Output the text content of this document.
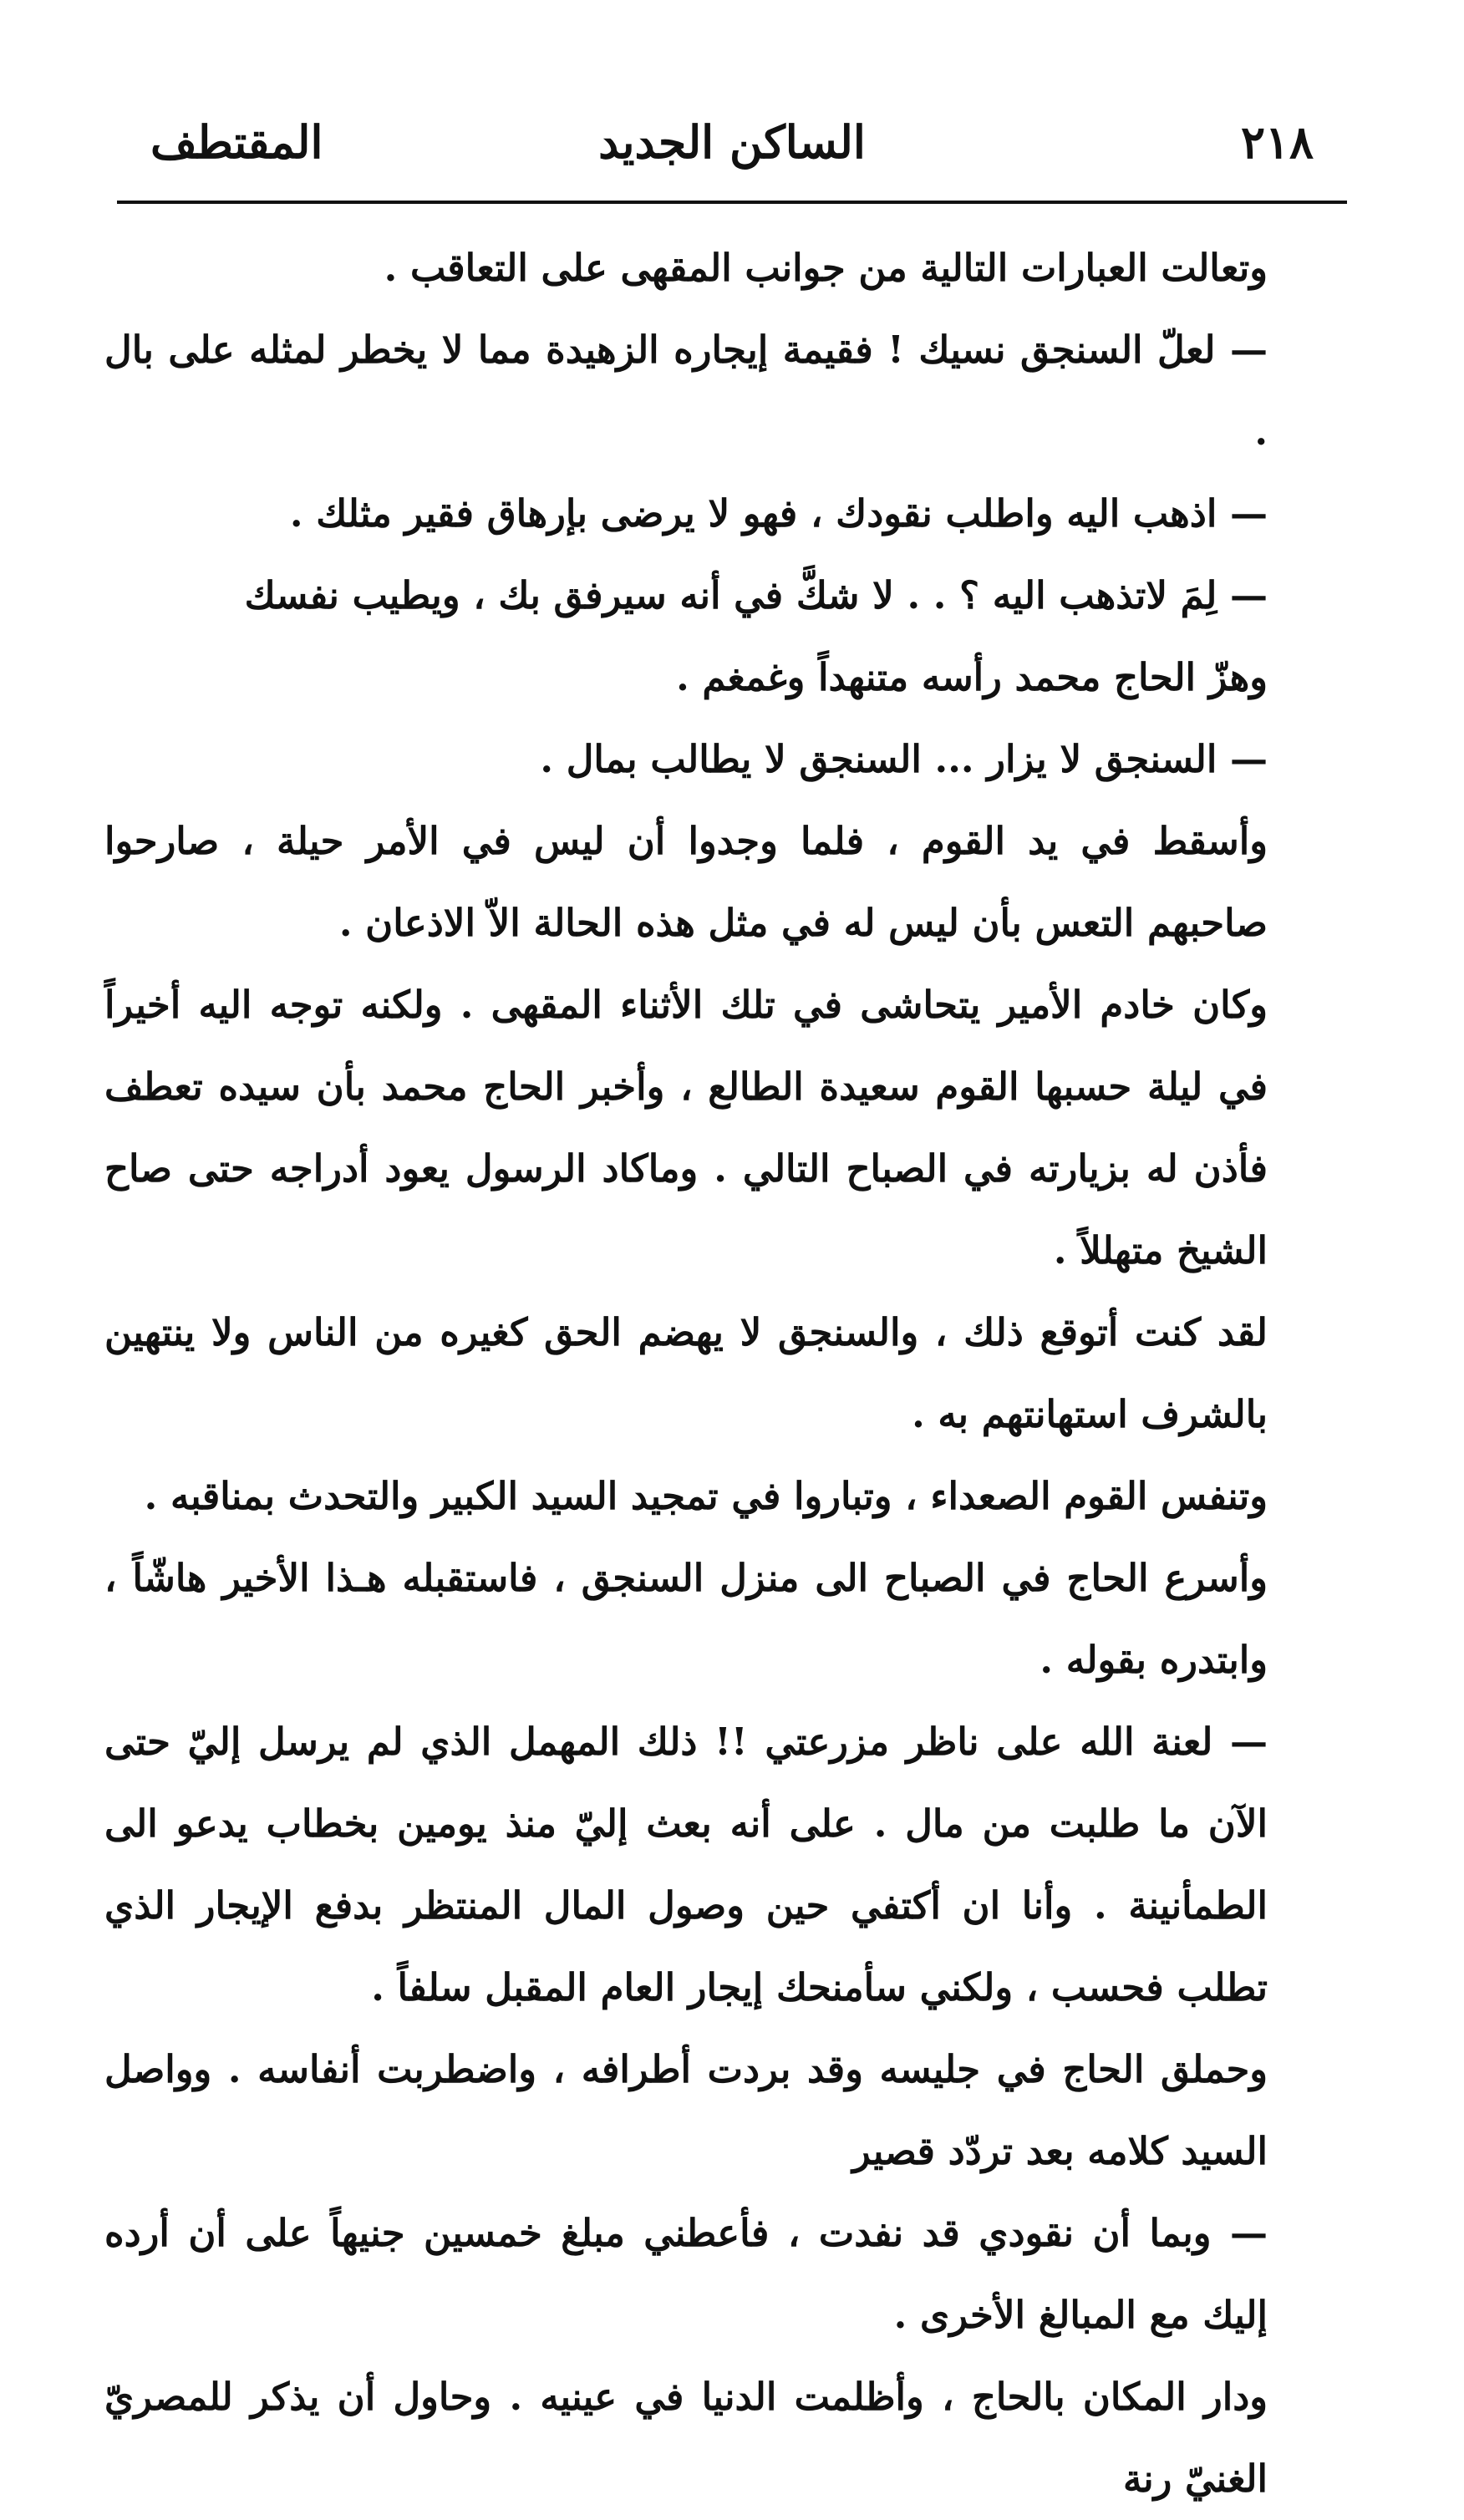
٢١٨
الساكن الجديد
المقتطف

وتعالت العبارات التالية من جوانب المقهى على التعاقب .

— لعلّ السنجق نسيك ! فقيمة إيجاره الزهيدة مما لا يخطر لمثله على بال .

— اذهب اليه واطلب نقودك ، فهو لا يرضى بإرهاق فقير مثلك .

— لِمَ لاتذهب اليه ؟ . . لا شكَّ في أنه سيرفق بك ، ويطيب نفسك

وهزّ الحاج محمد رأسه متنهداً وغمغم .

— السنجق لا يزار ... السنجق لا يطالب بمال .

وأسقط في يد القوم ، فلما وجدوا أن ليس في الأمر حيلة ، صارحوا صاحبهم التعس بأن ليس له في مثل هذه الحالة الاّ الاذعان .

وكان خادم الأمير يتحاشى في تلك الأثناء المقهى . ولكنه توجه اليه أخيراً في ليلة حسبها القوم سعيدة الطالع ، وأخبر الحاج محمد بأن سيده تعطف فأذن له بزيارته في الصباح التالي . وماكاد الرسول يعود أدراجه حتى صاح الشيخ متهللاً .

لقد كنت أتوقع ذلك ، والسنجق لا يهضم الحق كغيره من الناس ولا ينتهين بالشرف استهانتهم به .

وتنفس القوم الصعداء ، وتباروا في تمجيد السيد الكبير والتحدث بمناقبه .

وأسرع الحاج في الصباح الى منزل السنجق ، فاستقبله هـذا الأخير هاشّاً ، وابتدره بقوله .

— لعنة الله على ناظر مزرعتي !! ذلك المهمل الذي لم يرسل إليّ حتى الآن ما طلبت من مال . على أنه بعث إليّ منذ يومين بخطاب يدعو الى الطمأنينة . وأنا ان أكتفي حين وصول المال المنتظر بدفع الإيجار الذي تطلب فحسب ، ولكني سأمنحك إيجار العام المقبل سلفاً .

وحملق الحاج في جليسه وقد بردت أطرافه ، واضطربت أنفاسه . وواصل السيد كلامه بعد تردّد قصير

— وبما أن نقودي قد نفدت ، فأعطني مبلغ خمسين جنيهاً على أن أرده إليك مع المبالغ الأخرى .

ودار المكان بالحاج ، وأظلمت الدنيا في عينيه . وحاول أن يذكر للمصريّ الغنيّ رنة
